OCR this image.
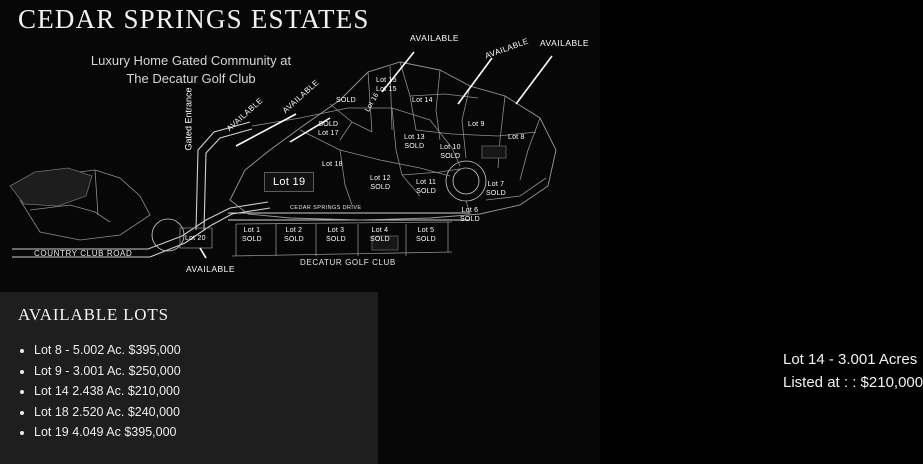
CEDAR SPRINGS ESTATES
Luxury Home Gated Community at
The Decatur Golf Club
Gated Entrance	AVAILABLE AVAILABLE
AVAILABLE	AVAILABLE AVAILABLE
AVAILABLE
Lot 1
SOLD
Lot 2
SOLD
Lot 3
SOLD
Lot 4
SOLD
Lot 5
SOLD
Lot 6
SOLD
Lot 7
SOLD
Lot 8
Lot 9
Lot 10
SOLD
Lot 11
SOLD
Lot 12
SOLD
Lot 13
SOLD
Lot 14
Lot 15
Lot 15
Lot 16
SOLD
SOLD
Lot 17
Lot 18
Lot 20
Lot 19
COUNTRY CLUB ROAD
CEDAR SPRINGS DRIVE
DECATUR GOLF CLUB
AVAILABLE LOTS
• Lot 8 - 5.002 Ac. $395,000
• Lot 9 - 3.001 Ac. $250,000
• Lot 14 2.438 Ac. $210,000
• Lot 18 2.520 Ac. $240,000
• Lot 19 4.049 Ac $395,000
Lot 14 - 3.001 Acres
Listed at : : $210,000
